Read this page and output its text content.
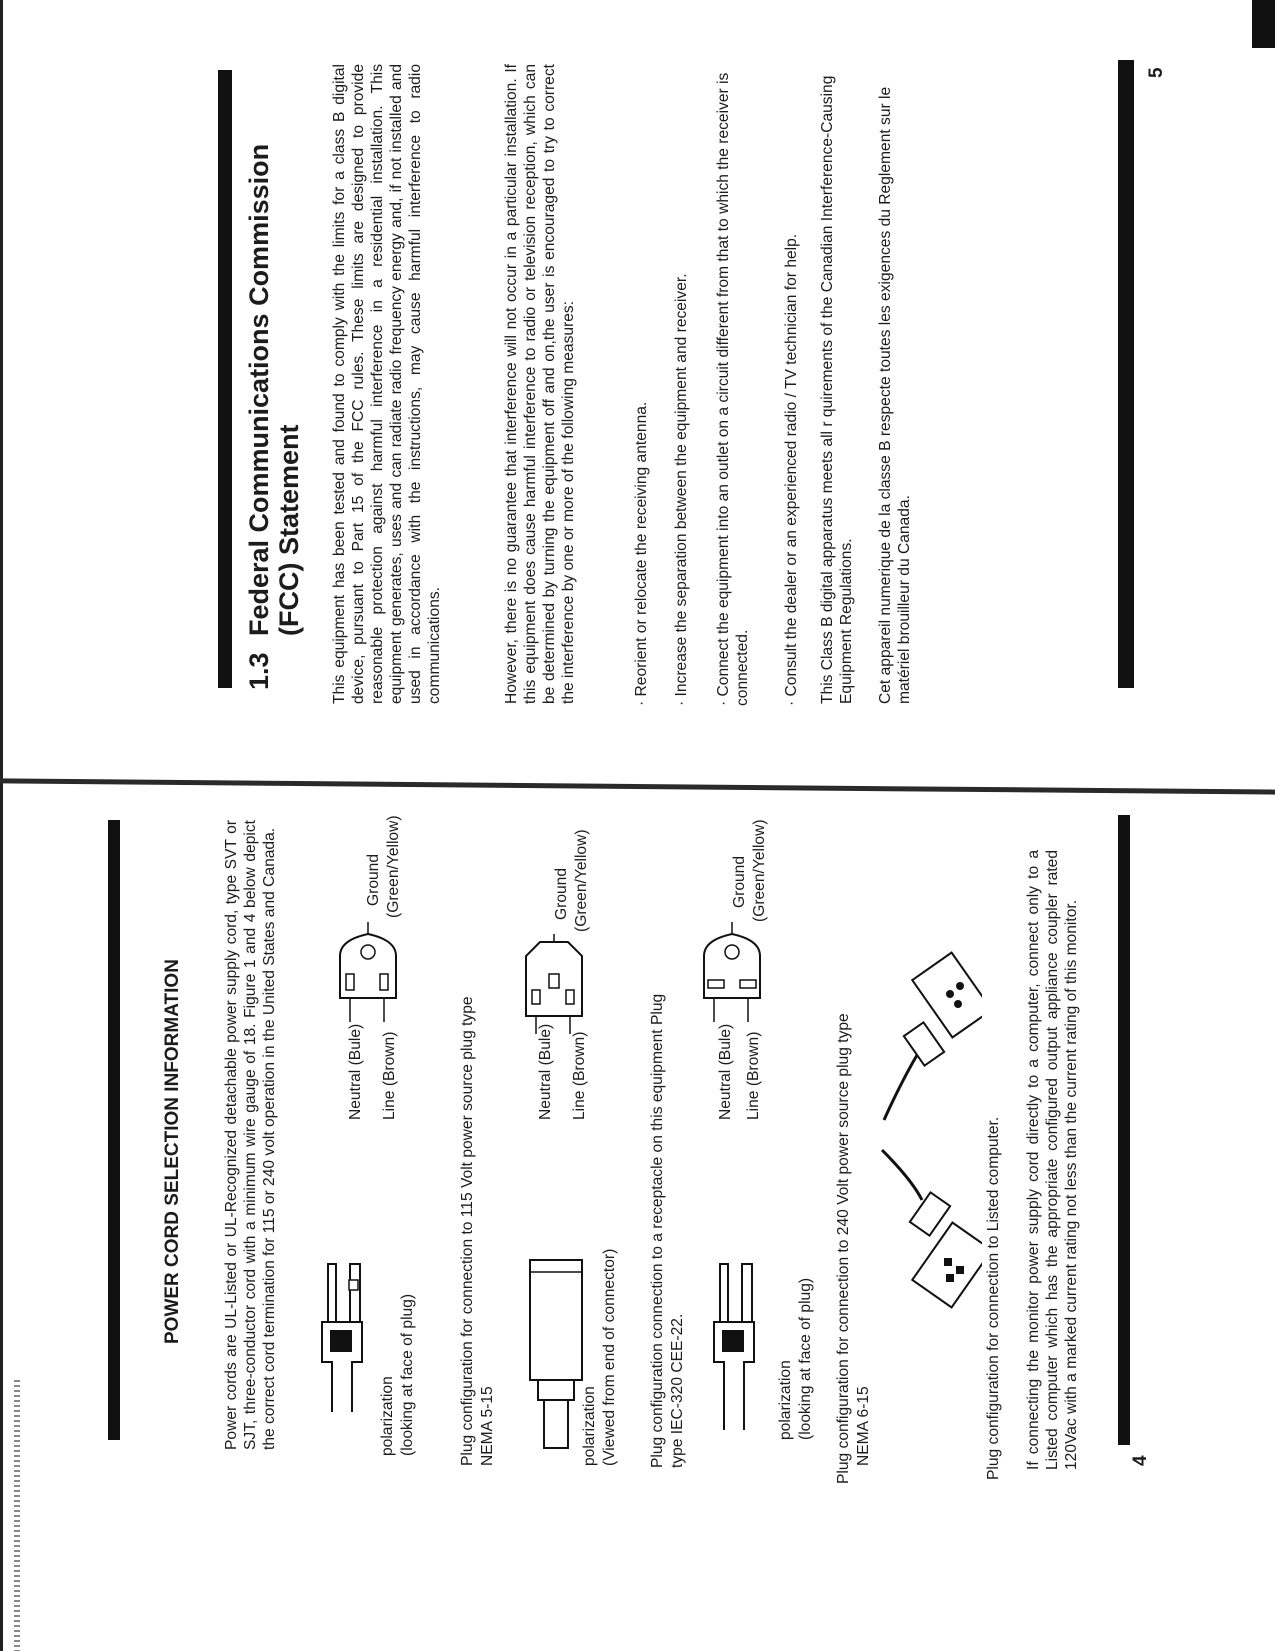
POWER CORD SELECTION INFORMATION	Power cords are UL-Listed or UL-Recognized detachable power supply cord, type SVT or SJT, three-conductor cord with a minimum wire gauge of 18. Figure 1 and 4 below depict the correct cord termination for 115 or 240 volt operation in the United States and Canada.	polarization (looking at face of plug)
Neutral (Bule) Line (Brown)
Ground (Green/Yellow)
Plug configuration for connection to 115 Volt power source plug type NEMA 5-15	polarization (Viewed from end of connector)
Neutral (Bule) Line (Brown)
Ground (Green/Yellow)
Plug configuration connection to a receptacle on this equipment Plug type IEC-320 CEE-22.	polarization (looking at face of plug)
Neutral (Bule) Line (Brown)
Ground (Green/Yellow)
Plug configuration for connection to 240 Volt power source plug type NEMA 6-15	Plug configuration for connection to Listed computer. If connecting the monitor power supply cord directly to a computer, connect only to a Listed computer which has the appropriate configured output appliance coupler rated 120Vac with a marked current rating not less than the current rating of this monitor.	4
1.3
Federal Communications Commission (FCC) Statement This equipment has been tested and found to comply with the limits for a class B digital device, pursuant to Part 15 of the FCC rules. These limits are designed to provide reasonable protection against harmful interference in a residential installation. This equipment generates, uses and can radiate radio frequency energy and, if not installed and used in accordance with the instructions, may cause harmful interference to radio communications.	However, there is no guarantee that interference will not occur in a particular installation. If this equipment does cause harmful interference to radio or television reception, which can be determined by turning the equipment off and on,the user is encouraged to try to correct the interference by one or more of the following measures:	· Reorient or relocate the receiving antenna. · Increase the separation between the equipment and receiver. · Connect the equipment into an outlet on a circuit different from that to which the receiver is connected. · Consult the dealer or an experienced radio / TV technician for help. This Class B digital apparatus meets all r quirements of the Canadian Interference-Causing Equipment Regulations. Cet appareil numerique de la classe B respecte toutes les exigences du Reglement sur le matériel brouilleur du Canada.
5
